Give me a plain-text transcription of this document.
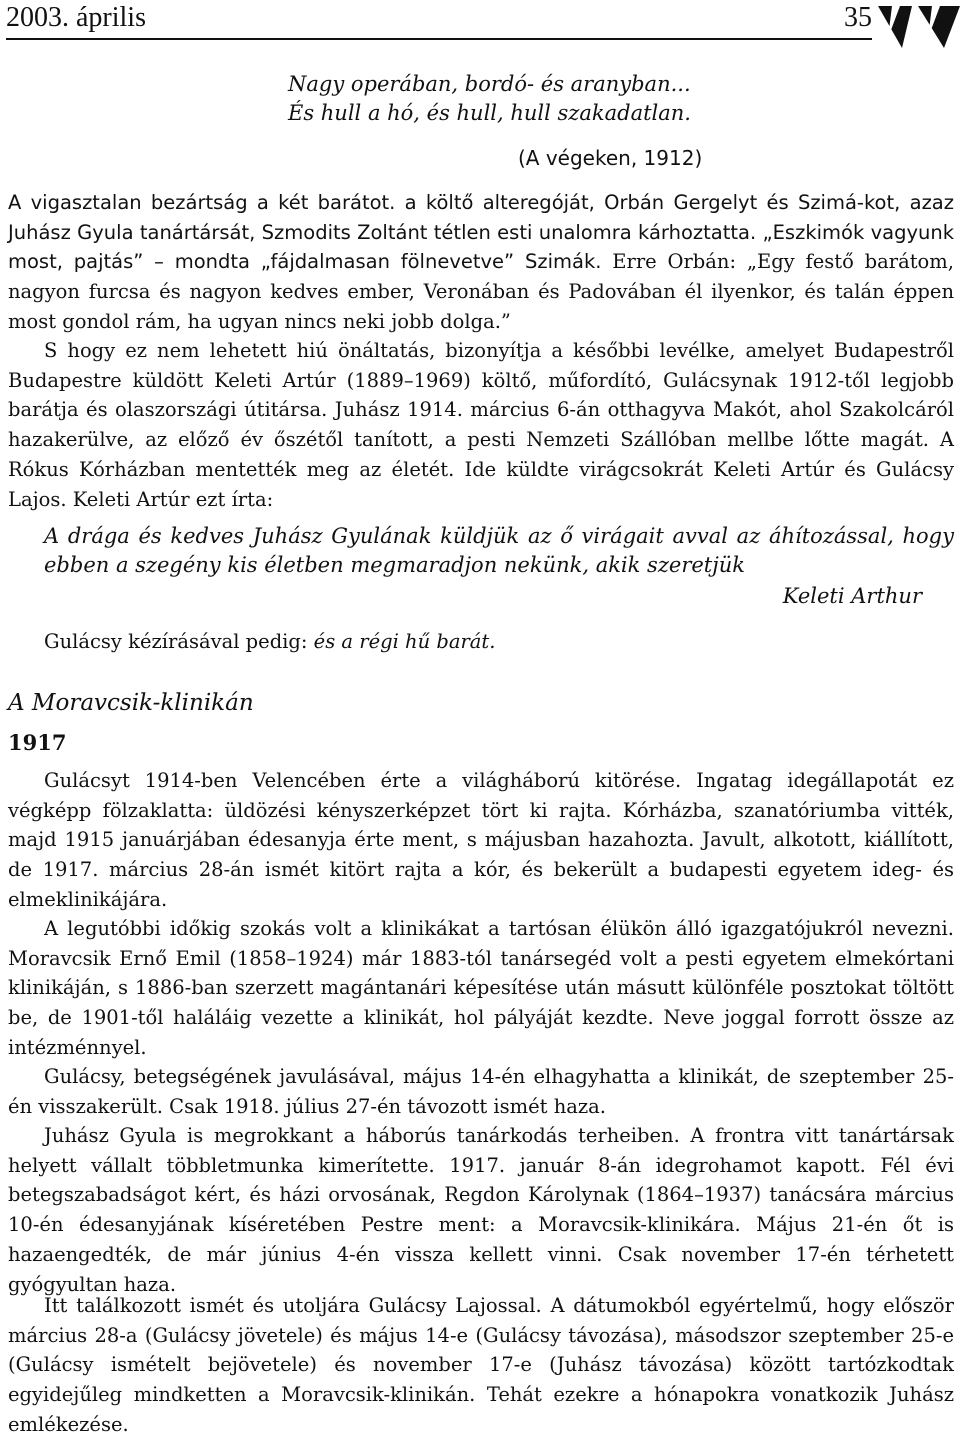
2003. április	35

Nagy operában, bordó- és aranyban...

És hull a hó, és hull, hull szakadatlan.

(A végeken, 1912)

A vigasztalan bezártság a két barátot. a költő alteregóját, Orbán Gergelyt és Szimá-kot, azaz Juhász Gyula tanártársát, Szmodits Zoltánt tétlen esti unalomra kárhoztatta. „Eszkimók vagyunk most, pajtás” – mondta „fájdalmasan fölnevetve” Szimák. Erre Orbán: „Egy festő barátom, nagyon furcsa és nagyon kedves ember, Veronában és Padovában él ilyenkor, és talán éppen most gondol rám, ha ugyan nincs neki jobb dolga.”

S hogy ez nem lehetett hiú önáltatás, bizonyítja a későbbi levélke, amelyet Budapestről Budapestre küldött Keleti Artúr (1889–1969) költő, műfordító, Gulácsynak 1912-től legjobb barátja és olaszországi útitársa. Juhász 1914. március 6-án otthagyva Makót, ahol Szakolcáról hazakerülve, az előző év őszétől tanított, a pesti Nemzeti Szállóban mellbe lőtte magát. A Rókus Kórházban mentették meg az életét. Ide küldte virágcsokrát Keleti Artúr és Gulácsy Lajos. Keleti Artúr ezt írta:

A drága és kedves Juhász Gyulának küldjük az ő virágait avval az áhítozással, hogy ebben a szegény kis életben megmaradjon nekünk, akik szeretjük

Keleti Arthur

Gulácsy kézírásával pedig: és a régi hű barát.

A Moravcsik-klinikán

1917

Gulácsyt 1914-ben Velencében érte a világháború kitörése. Ingatag idegállapotát ez végképp fölzaklatta: üldözési kényszerképzet tört ki rajta. Kórházba, szanatóriumba vitték, majd 1915 januárjában édesanyja érte ment, s májusban hazahozta. Javult, alkotott, kiállított, de 1917. március 28-án ismét kitört rajta a kór, és bekerült a budapesti egyetem ideg- és elmeklinikájára.

A legutóbbi időkig szokás volt a klinikákat a tartósan élükön álló igazgatójukról nevezni. Moravcsik Ernő Emil (1858–1924) már 1883-tól tanársegéd volt a pesti egyetem elmekórtani klinikáján, s 1886-ban szerzett magántanári képesítése után másutt különféle posztokat töltött be, de 1901-től haláláig vezette a klinikát, hol pályáját kezdte. Neve joggal forrott össze az intézménnyel.

Gulácsy, betegségének javulásával, május 14-én elhagyhatta a klinikát, de szeptember 25-én visszakerült. Csak 1918. július 27-én távozott ismét haza.

Juhász Gyula is megrokkant a háborús tanárkodás terheiben. A frontra vitt tanártársak helyett vállalt többletmunka kimerítette. 1917. január 8-án idegrohamot kapott. Fél évi betegszabadságot kért, és házi orvosának, Regdon Károlynak (1864–1937) tanácsára március 10-én édesanyjának kíséretében Pestre ment: a Moravcsik-klinikára. Május 21-én őt is hazaengedték, de már június 4-én vissza kellett vinni. Csak november 17-én térhetett gyógyultan haza.

Itt találkozott ismét és utoljára Gulácsy Lajossal. A dátumokból egyértelmű, hogy először március 28-a (Gulácsy jövetele) és május 14-e (Gulácsy távozása), másodszor szeptember 25-e (Gulácsy ismételt bejövetele) és november 17-e (Juhász távozása) között tartózkodtak egyidejűleg mindketten a Moravcsik-klinikán. Tehát ezekre a hónapokra vonatkozik Juhász emlékezése.
